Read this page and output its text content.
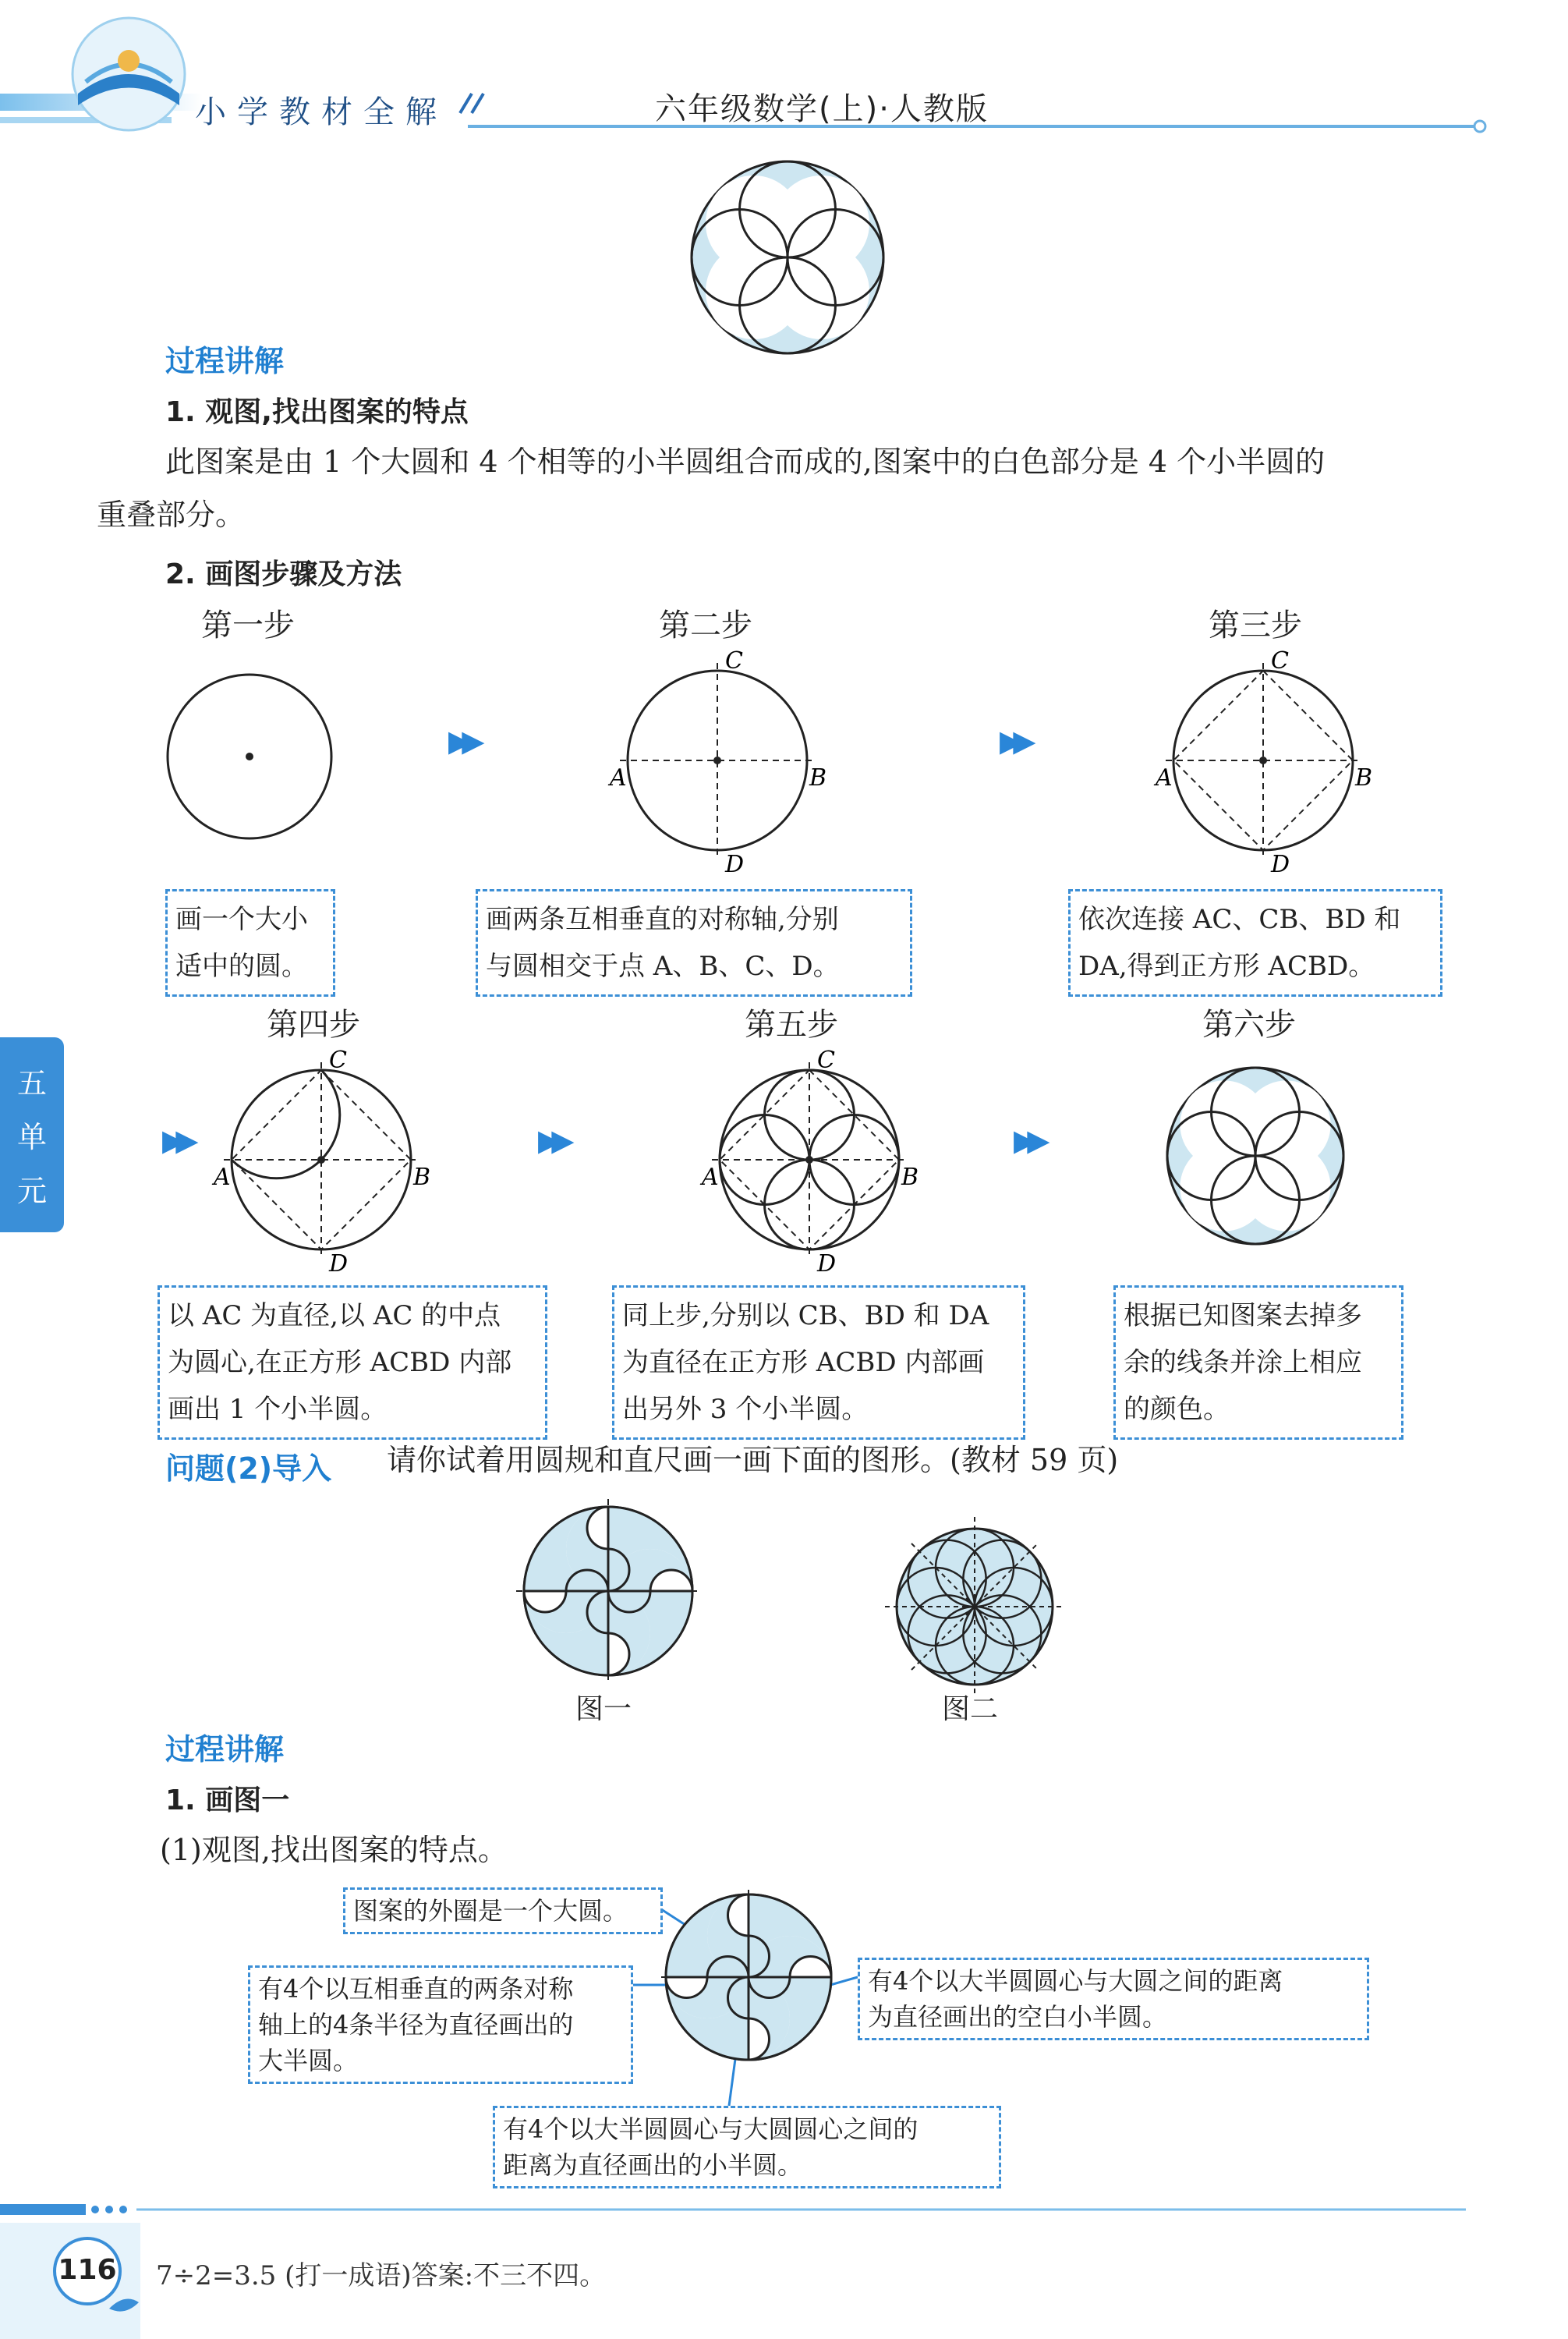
小学教材全解	六年级数学(上)·人教版
五
单
元
过程讲解
1. 观图,找出图案的特点
此图案是由 1 个大圆和 4 个相等的小半圆组合而成的,图案中的白色部分是 4 个小半圆的
重叠部分。
2. 画图步骤及方法
第一步	第二步	第三步
▶▶
A	B
C
D
▶▶
A	B
C
D
画一个大小
适中的圆。
画两条互相垂直的对称轴,分别
与圆相交于点 A、B、C、D。
依次连接 AC、CB、BD 和
DA,得到正方形 ACBD。
第四步	第五步	第六步
▶▶
A	B
C
D
▶▶
A	B
C
D
▶▶
以 AC 为直径,以 AC 的中点
为圆心,在正方形 ACBD 内部
画出 1 个小半圆。
同上步,分别以 CB、BD 和 DA
为直径在正方形 ACBD 内部画
出另外 3 个小半圆。
根据已知图案去掉多
余的线条并涂上相应
的颜色。
问题(2)导入 请你试着用圆规和直尺画一画下面的图形。(教材 59 页)
图一	图二
过程讲解
1. 画图一
(1)观图,找出图案的特点。
图案的外圈是一个大圆。
有4个以互相垂直的两条对称
轴上的4条半径为直径画出的
大半圆。
有4个以大半圆圆心与大圆之间的距离
为直径画出的空白小半圆。
有4个以大半圆圆心与大圆圆心之间的
距离为直径画出的小半圆。
116 7÷2=3.5 (打一成语)答案:不三不四。
